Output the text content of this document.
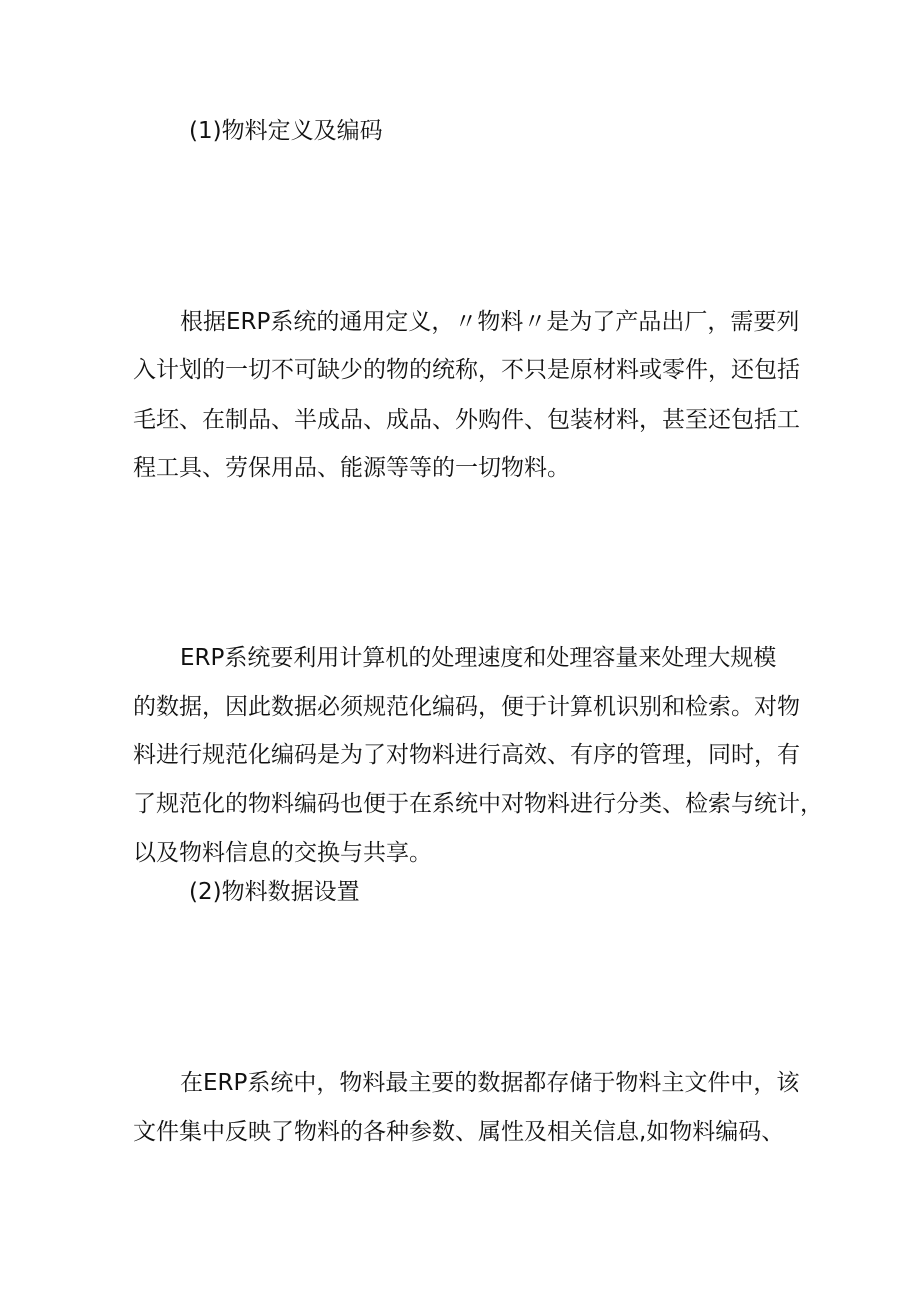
(1)物料定义及编码
根据ERP系统的通用定义，〃物料〃是为了产品出厂，需要列
入计划的一切不可缺少的物的统称，不只是原材料或零件，还包括
毛坯、在制品、半成品、成品、外购件、包装材料，甚至还包括工
程工具、劳保用品、能源等等的一切物料。
ERP系统要利用计算机的处理速度和处理容量来处理大规模
的数据，因此数据必须规范化编码，便于计算机识别和检索。对物
料进行规范化编码是为了对物料进行高效、有序的管理，同时，有
了规范化的物料编码也便于在系统中对物料进行分类、检索与统计，
以及物料信息的交换与共享。
(2)物料数据设置
在ERP系统中，物料最主要的数据都存储于物料主文件中，该
文件集中反映了物料的各种参数、属性及相关信息,如物料编码、
